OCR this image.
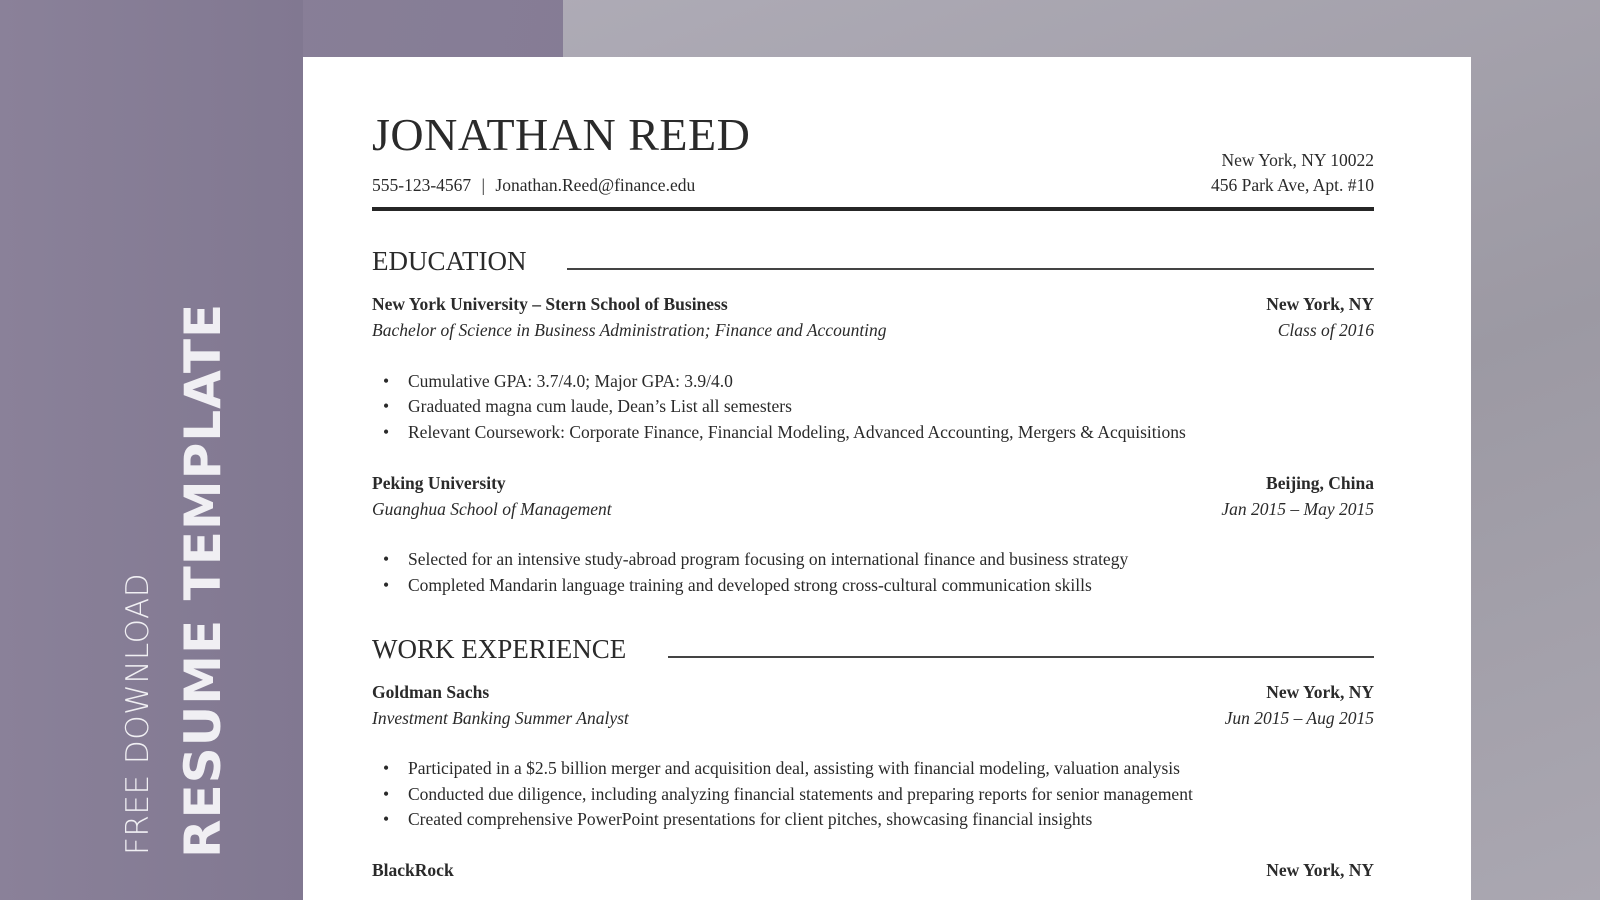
FREE DOWNLOAD RESUME TEMPLATE
JONATHAN REED
555-123-4567 | Jonathan.Reed@finance.edu
New York, NY 10022
456 Park Ave, Apt. #10
EDUCATION
New York University – Stern School of Business	New York, NY
Bachelor of Science in Business Administration; Finance and Accounting	Class of 2016
• Cumulative GPA: 3.7/4.0; Major GPA: 3.9/4.0
• Graduated magna cum laude, Dean’s List all semesters
• Relevant Coursework: Corporate Finance, Financial Modeling, Advanced Accounting, Mergers & Acquisitions
Peking University	Beijing, China
Guanghua School of Management	Jan 2015 – May 2015
• Selected for an intensive study-abroad program focusing on international finance and business strategy
• Completed Mandarin language training and developed strong cross-cultural communication skills
WORK EXPERIENCE
Goldman Sachs	New York, NY
Investment Banking Summer Analyst	Jun 2015 – Aug 2015
• Participated in a $2.5 billion merger and acquisition deal, assisting with financial modeling, valuation analysis
• Conducted due diligence, including analyzing financial statements and preparing reports for senior management
• Created comprehensive PowerPoint presentations for client pitches, showcasing financial insights
BlackRock	New York, NY
